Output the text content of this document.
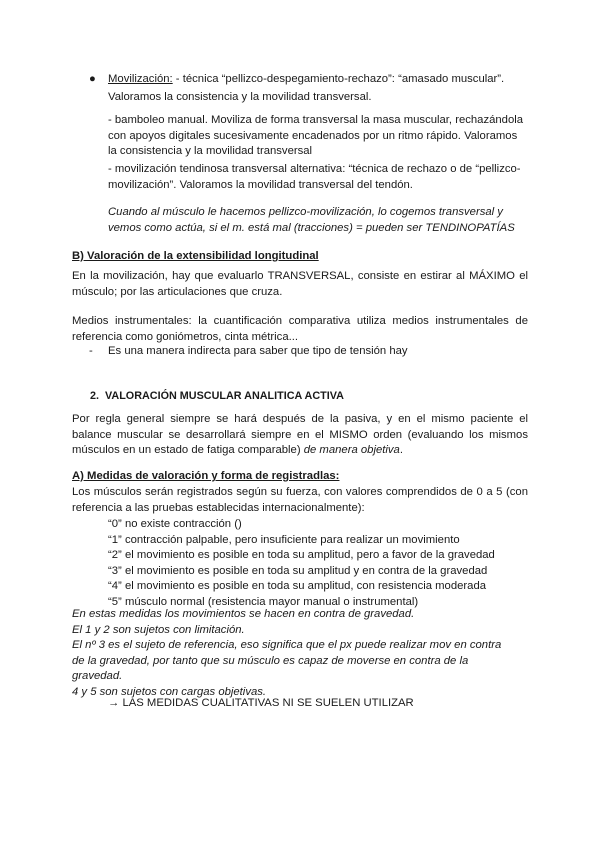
● Movilización: - técnica “pellizco-despegamiento-rechazo”: “amasado muscular”.
Valoramos la consistencia y la movilidad transversal.
- bamboleo manual. Moviliza de forma transversal la masa muscular, rechazándola con apoyos digitales sucesivamente encadenados por un ritmo rápido. Valoramos la consistencia y la movilidad transversal
- movilización tendinosa transversal alternativa: “técnica de rechazo o de “pellizco-movilización”. Valoramos la movilidad transversal del tendón.
Cuando al músculo le hacemos pellizco-movilización, lo cogemos transversal y vemos como actúa, si el m. está mal (tracciones) = pueden ser TENDINOPATÍAS
B) Valoración de la extensibilidad longitudinal
En la movilización, hay que evaluarlo TRANSVERSAL, consiste en estirar al MÁXIMO el músculo; por las articulaciones que cruza.
Medios instrumentales: la cuantificación comparativa utiliza medios instrumentales de referencia como goniómetros, cinta métrica...
- Es una manera indirecta para saber que tipo de tensión hay
2. VALORACIÓN MUSCULAR ANALITICA ACTIVA
Por regla general siempre se hará después de la pasiva, y en el mismo paciente el balance muscular se desarrollará siempre en el MISMO orden (evaluando los mismos músculos en un estado de fatiga comparable) de manera objetiva.
A) Medidas de valoración y forma de registradlas:
Los músculos serán registrados según su fuerza, con valores comprendidos de 0 a 5 (con referencia a las pruebas establecidas internacionalmente):
“0” no existe contracción ()
“1” contracción palpable, pero insuficiente para realizar un movimiento
“2” el movimiento es posible en toda su amplitud, pero a favor de la gravedad
“3” el movimiento es posible en toda su amplitud y en contra de la gravedad
“4” el movimiento es posible en toda su amplitud, con resistencia moderada
“5” músculo normal (resistencia mayor manual o instrumental)
En estas medidas los movimientos se hacen en contra de gravedad.
El 1 y 2 son sujetos con limitación.
El nº 3 es el sujeto de referencia, eso significa que el px puede realizar mov en contra de la gravedad, por tanto que su músculo es capaz de moverse en contra de la gravedad.
4 y 5 son sujetos con cargas objetivas.
→ LAS MEDIDAS CUALITATIVAS NI SE SUELEN UTILIZAR
